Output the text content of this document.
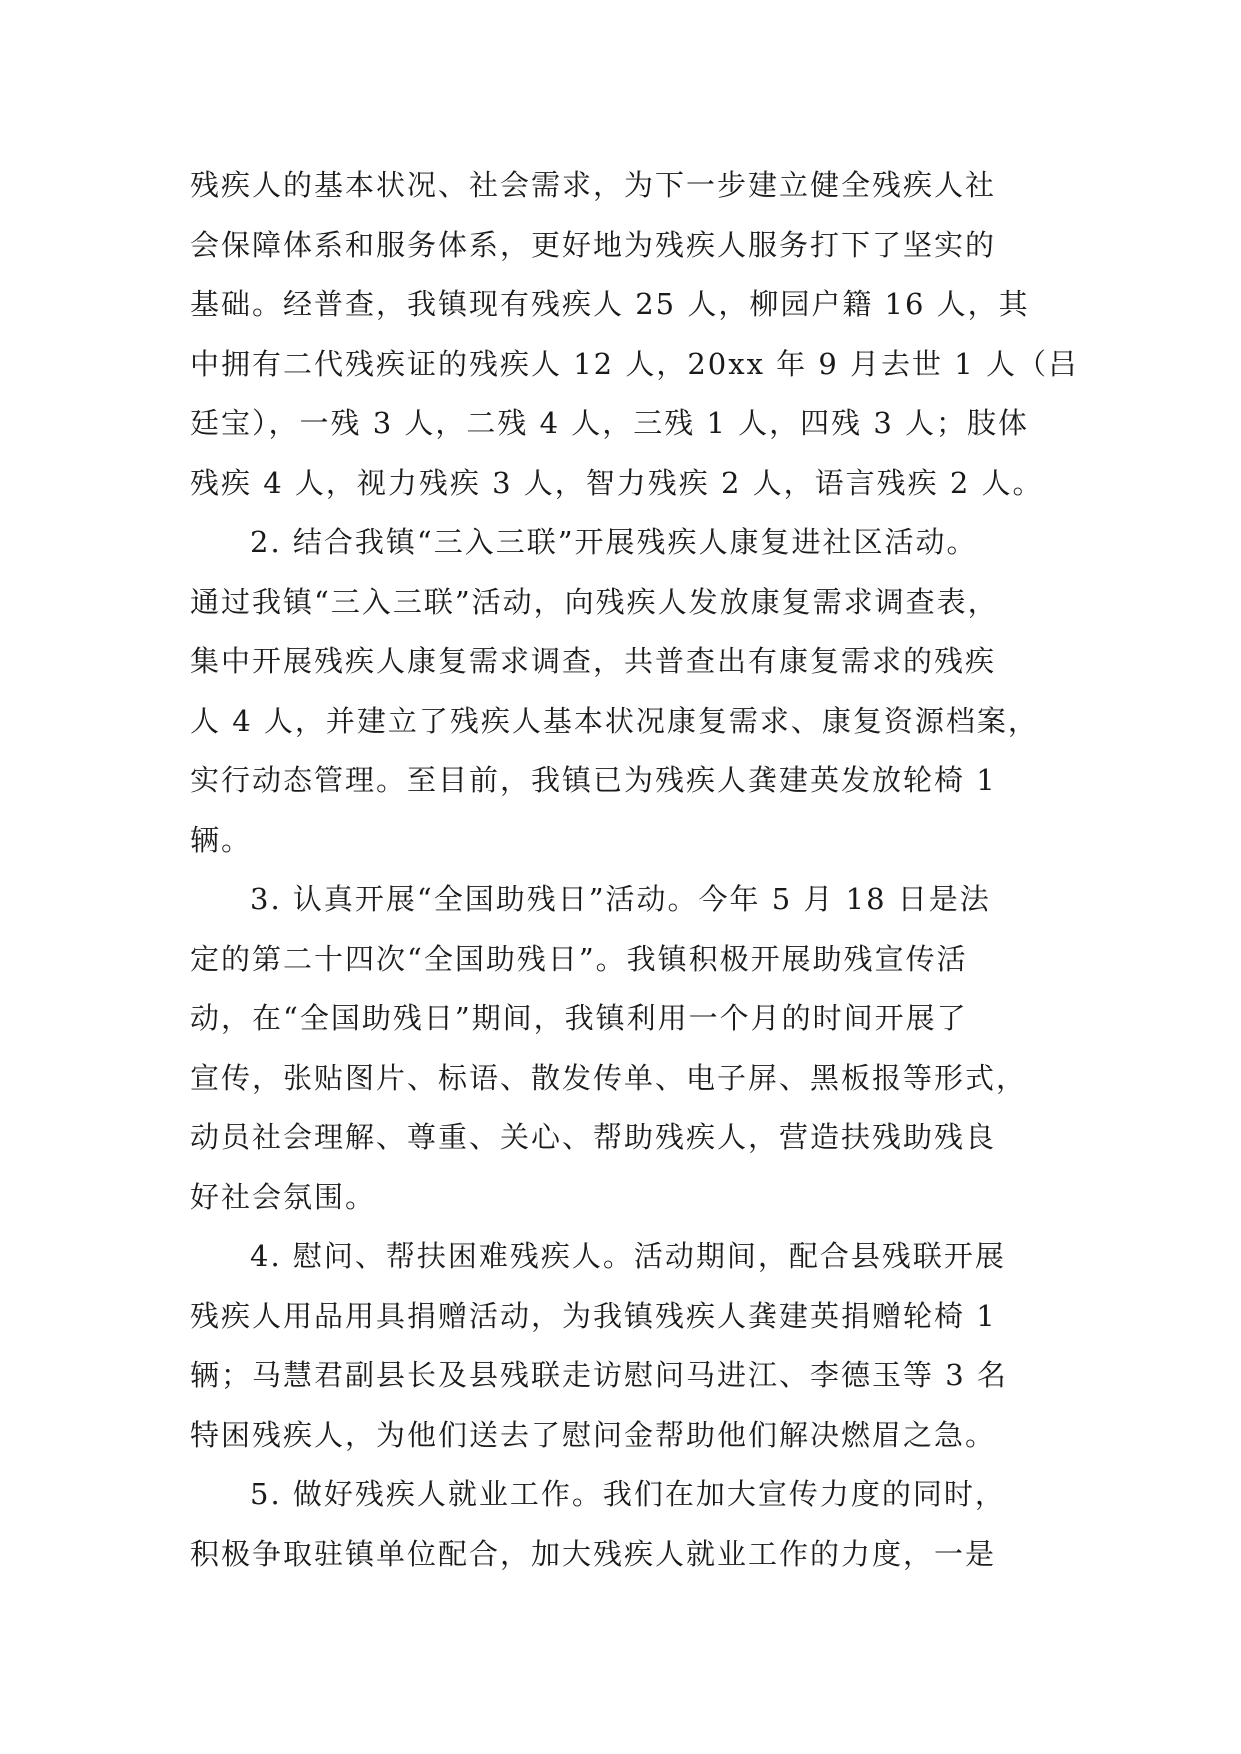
残疾人的基本状况、社会需求，为下一步建立健全残疾人社
会保障体系和服务体系，更好地为残疾人服务打下了坚实的
基础。经普查，我镇现有残疾人 25 人，柳园户籍 16 人，其
中拥有二代残疾证的残疾人 12 人，20xx 年 9 月去世 1 人（吕
廷宝），一残 3 人，二残 4 人，三残 1 人，四残 3 人；肢体
残疾 4 人，视力残疾 3 人，智力残疾 2 人，语言残疾 2 人。
2. 结合我镇“三入三联”开展残疾人康复进社区活动。
通过我镇“三入三联”活动，向残疾人发放康复需求调查表，
集中开展残疾人康复需求调查，共普查出有康复需求的残疾
人 4 人，并建立了残疾人基本状况康复需求、康复资源档案，
实行动态管理。至目前，我镇已为残疾人龚建英发放轮椅 1
辆。
3. 认真开展“全国助残日”活动。今年 5 月 18 日是法
定的第二十四次“全国助残日”。我镇积极开展助残宣传活
动，在“全国助残日”期间，我镇利用一个月的时间开展了
宣传，张贴图片、标语、散发传单、电子屏、黑板报等形式，
动员社会理解、尊重、关心、帮助残疾人，营造扶残助残良
好社会氛围。
4. 慰问、帮扶困难残疾人。活动期间，配合县残联开展
残疾人用品用具捐赠活动，为我镇残疾人龚建英捐赠轮椅 1
辆；马慧君副县长及县残联走访慰问马进江、李德玉等 3 名
特困残疾人，为他们送去了慰问金帮助他们解决燃眉之急。
5. 做好残疾人就业工作。我们在加大宣传力度的同时，
积极争取驻镇单位配合，加大残疾人就业工作的力度，一是
